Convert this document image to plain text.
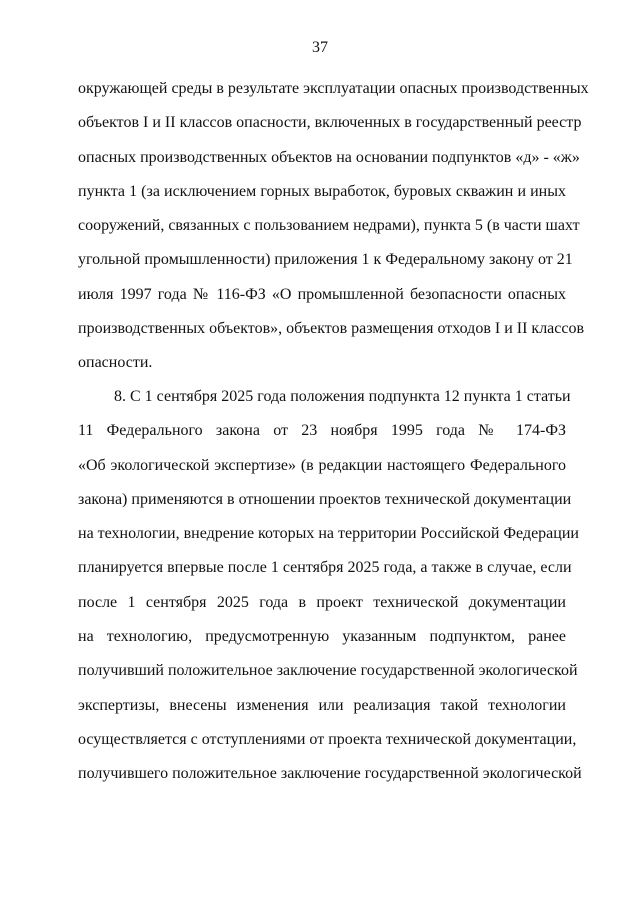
37
окружающей среды в результате эксплуатации опасных производственных
объектов I и II классов опасности, включенных в государственный реестр
опасных производственных объектов на основании подпунктов «д» - «ж»
пункта 1 (за исключением горных выработок, буровых скважин и иных
сооружений, связанных с пользованием недрами), пункта 5 (в части шахт
угольной промышленности) приложения 1 к Федеральному закону от 21
июля 1997 года № 116-ФЗ «О промышленной безопасности опасных
производственных объектов», объектов размещения отходов I и II классов
опасности.
8. С 1 сентября 2025 года положения подпункта 12 пункта 1 статьи
11 Федерального закона от 23 ноября 1995 года № 174-ФЗ
«Об экологической экспертизе» (в редакции настоящего Федерального
закона) применяются в отношении проектов технической документации
на технологии, внедрение которых на территории Российской Федерации
планируется впервые после 1 сентября 2025 года, а также в случае, если
после 1 сентября 2025 года в проект технической документации
на технологию, предусмотренную указанным подпунктом, ранее
получивший положительное заключение государственной экологической
экспертизы, внесены изменения или реализация такой технологии
осуществляется с отступлениями от проекта технической документации,
получившего положительное заключение государственной экологической
